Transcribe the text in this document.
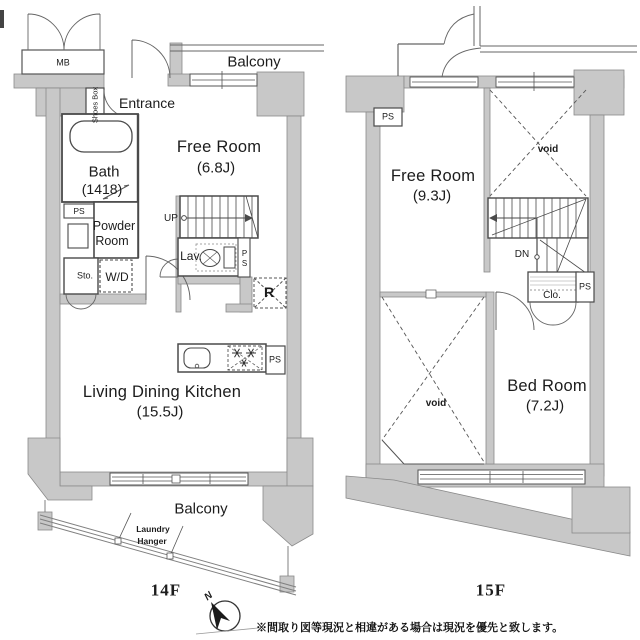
MB
Shoes Box Entrance
Balcony
Free Room
(6.8J)
Bath
(1418)
PS
Powder
Room
Sto. W/D
UP
Lav.	PS
R
PS
Living Dining Kitchen
(15.5J)
Balcony
Laundry
Hanger
14F
PS
Free Room
(9.3J)
void
DN
Clo.
PS
void
Bed Room
(7.2J)
15F
N
※間取り図等現況と相違がある場合は現況を優先と致します。
